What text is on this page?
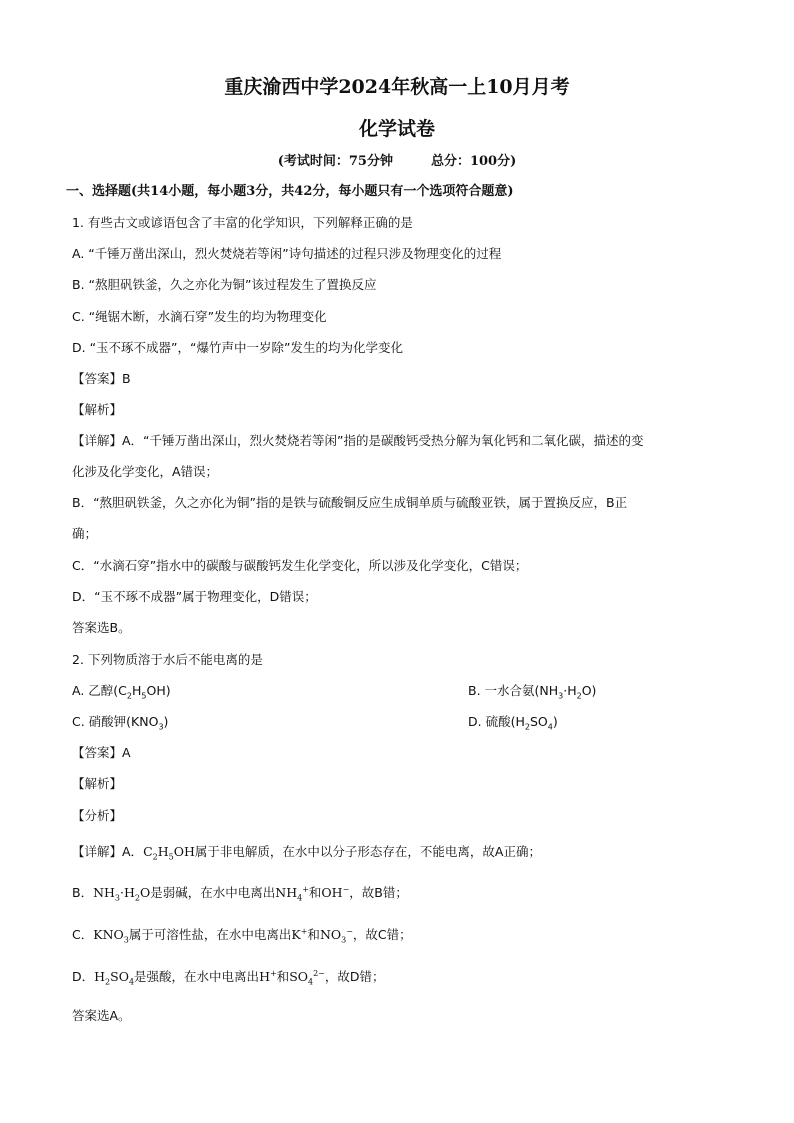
重庆渝西中学2024年秋高一上10月月考
化学试卷
(考试时间：75分钟	总分：100分)
一、选择题(共14小题，每小题3分，共42分，每小题只有一个选项符合题意)
1. 有些古文或谚语包含了丰富的化学知识，下列解释正确的是
A. “千锤万凿出深山，烈火焚烧若等闲”诗句描述的过程只涉及物理变化的过程
B. “熬胆矾铁釜，久之亦化为铜”该过程发生了置换反应
C. “绳锯木断，水滴石穿”发生的均为物理变化
D. “玉不琢不成器”，“爆竹声中一岁除”发生的均为化学变化
【答案】B
【解析】
【详解】A．“千锤万凿出深山，烈火焚烧若等闲”指的是碳酸钙受热分解为氧化钙和二氧化碳，描述的变
化涉及化学变化，A错误；
B．“熬胆矾铁釜，久之亦化为铜”指的是铁与硫酸铜反应生成铜单质与硫酸亚铁，属于置换反应，B正
确；
C．“水滴石穿”指水中的碳酸与碳酸钙发生化学变化，所以涉及化学变化，C错误；
D．“玉不琢不成器”属于物理变化，D错误；
答案选B。
2. 下列物质溶于水后不能电离的是
A. 乙醇$(C_2H_5OH)$	B. 一水合氨$(NH_3\cdot H_2O)$
C. 硝酸钾$(KNO_3)$	D. 硫酸$(H_2SO_4)$
【答案】A
【解析】
【分析】
【详解】A．$C_2H_5OH$属于非电解质，在水中以分子形态存在，不能电离，故A正确；
B．$NH_3\cdot H_2O$是弱碱，在水中电离出$NH_4^+$和OH−，故B错；
C．$KNO_3$属于可溶性盐，在水中电离出K+和$NO_3^-$，故C错；
D．$H_2SO_4$是强酸，在水中电离出H+和$SO_4^{2-}$，故D错；
答案选A。
